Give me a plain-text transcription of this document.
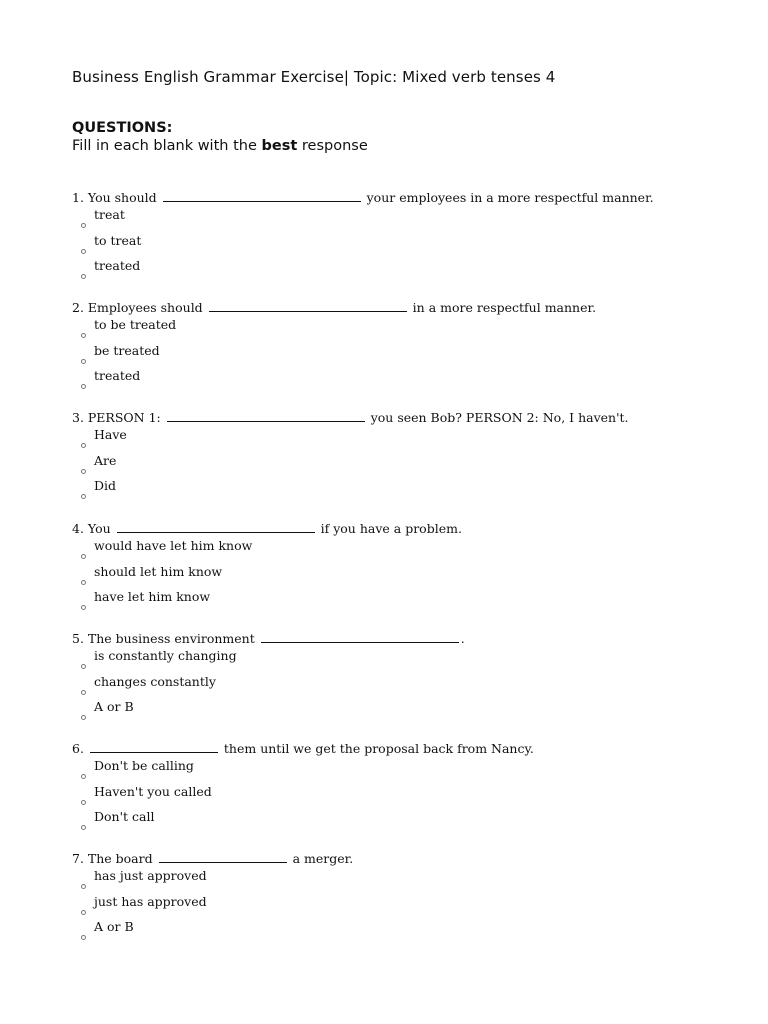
Business English Grammar Exercise| Topic: Mixed verb tenses 4
QUESTIONS:
Fill in each blank with the best response
1. You should	your employees in a more respectful manner.
treat
to treat
treated
2. Employees should	in a more respectful manner.
to be treated
be treated
treated
3. PERSON 1:	you seen Bob? PERSON 2: No, I haven't.
Have
Are
Did
4. You	if you have a problem.
would have let him know
should let him know
have let him know
5. The business environment	.
is constantly changing
changes constantly
A or B
6.	them until we get the proposal back from Nancy.
Don't be calling
Haven't you called
Don't call
7. The board	a merger.
has just approved
just has approved
A or B
